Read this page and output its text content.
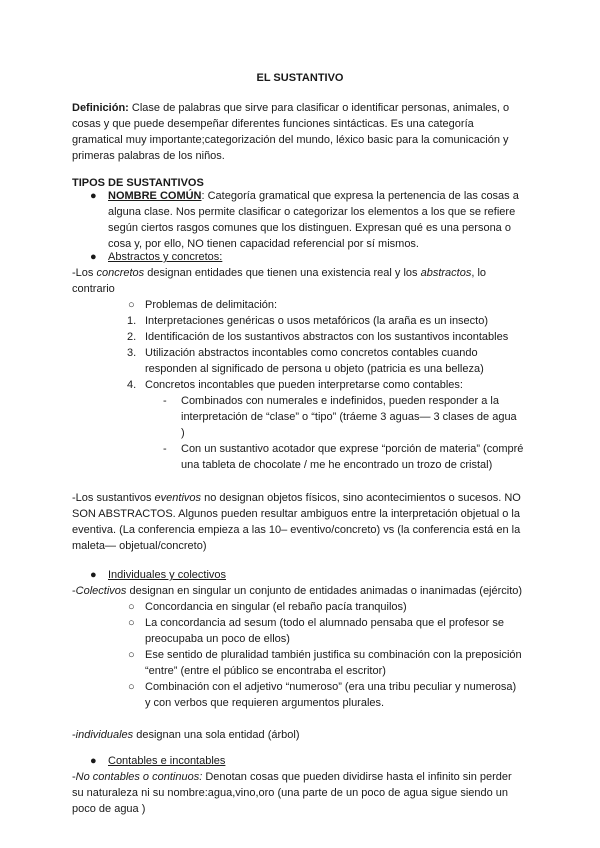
EL SUSTANTIVO
Definición: Clase de palabras que sirve para clasificar o identificar personas, animales, o
cosas y que puede desempeñar diferentes funciones sintácticas. Es una categoría
gramatical muy importante;categorización del mundo, léxico basic para la comunicación y
primeras palabras de los niños.
TIPOS DE SUSTANTIVOS
● NOMBRE COMÚN: Categoría gramatical que expresa la pertenencia de las cosas a
alguna clase. Nos permite clasificar o categorizar los elementos a los que se refiere
según ciertos rasgos comunes que los distinguen. Expresan qué es una persona o
cosa y, por ello, NO tienen capacidad referencial por sí mismos.
● Abstractos y concretos:
-Los concretos designan entidades que tienen una existencia real y los abstractos, lo
contrario
○ Problemas de delimitación:
1. Interpretaciones genéricas o usos metafóricos (la araña es un insecto)
2. Identificación de los sustantivos abstractos con los sustantivos incontables
3. Utilización abstractos incontables como concretos contables cuando
responden al significado de persona u objeto (patricia es una belleza)
4. Concretos incontables que pueden interpretarse como contables:
- Combinados con numerales e indefinidos, pueden responder a la
interpretación de “clase” o “tipo” (tráeme 3 aguas— 3 clases de agua
)
- Con un sustantivo acotador que exprese “porción de materia” (compré
una tableta de chocolate / me he encontrado un trozo de cristal)
-Los sustantivos eventivos no designan objetos físicos, sino acontecimientos o sucesos. NO
SON ABSTRACTOS. Algunos pueden resultar ambiguos entre la interpretación objetual o la
eventiva. (La conferencia empieza a las 10– eventivo/concreto) vs (la conferencia está en la
maleta— objetual/concreto)
● Individuales y colectivos
-Colectivos designan en singular un conjunto de entidades animadas o inanimadas (ejército)
○ Concordancia en singular (el rebaño pacía tranquilos)
○ La concordancia ad sesum (todo el alumnado pensaba que el profesor se
preocupaba un poco de ellos)
○ Ese sentido de pluralidad también justifica su combinación con la preposición
“entre” (entre el público se encontraba el escritor)
○ Combinación con el adjetivo “numeroso” (era una tribu peculiar y numerosa)
y con verbos que requieren argumentos plurales.
-individuales designan una sola entidad (árbol)
● Contables e incontables
-No contables o continuos: Denotan cosas que pueden dividirse hasta el infinito sin perder
su naturaleza ni su nombre:agua,vino,oro (una parte de un poco de agua sigue siendo un
poco de agua )
